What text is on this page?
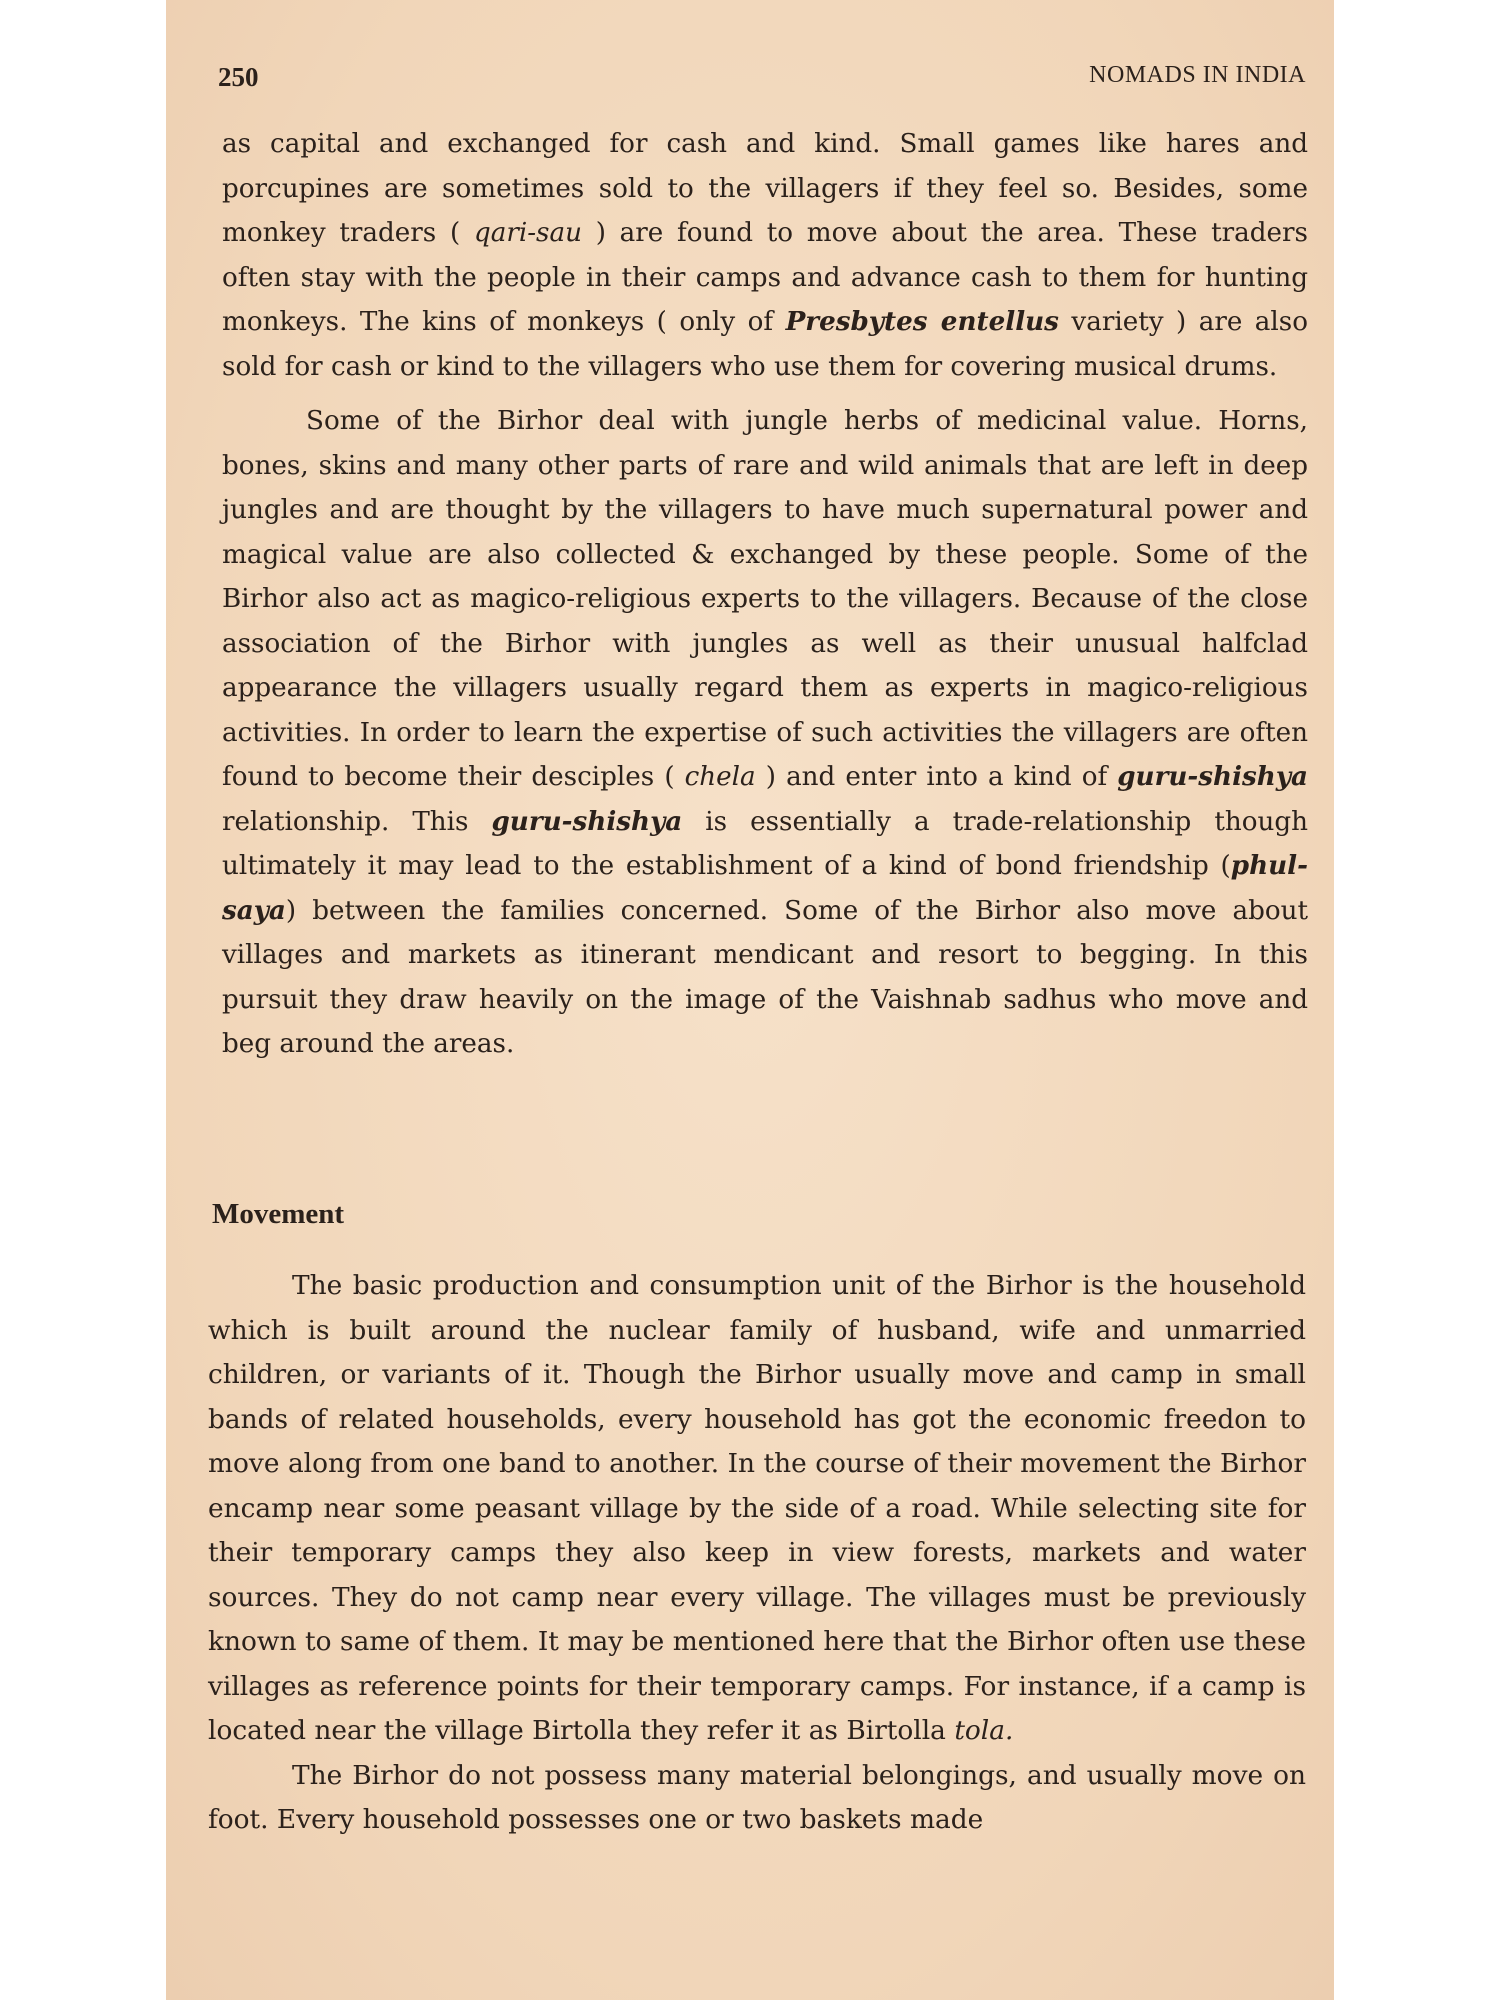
250	NOMADS IN INDIA

as capital and exchanged for cash and kind. Small games like hares and porcupines are sometimes sold to the villagers if they feel so. Besides, some monkey traders ( qari-sau ) are found to move about the area. These traders often stay with the people in their camps and advance cash to them for hunting monkeys. The kins of monkeys ( only of Presbytes entellus variety ) are also sold for cash or kind to the villagers who use them for covering musical drums.

Some of the Birhor deal with jungle herbs of medicinal value. Horns, bones, skins and many other parts of rare and wild animals that are left in deep jungles and are thought by the villagers to have much supernatural power and magical value are also collected & exchanged by these people. Some of the Birhor also act as magico-religious experts to the villagers. Because of the close association of the Birhor with jungles as well as their unusual halfclad appearance the villagers usually regard them as experts in magico-religious activities. In order to learn the expertise of such activities the villagers are often found to become their desciples ( chela ) and enter into a kind of guru-shishya relationship. This guru-shishya is essentially a trade-relationship though ultimately it may lead to the establishment of a kind of bond friendship (phul-saya) between the families concerned. Some of the Birhor also move about villages and markets as itinerant mendicant and resort to begging. In this pursuit they draw heavily on the image of the Vaishnab sadhus who move and beg around the areas.

Movement

The basic production and consumption unit of the Birhor is the household which is built around the nuclear family of husband, wife and unmarried children, or variants of it. Though the Birhor usually move and camp in small bands of related households, every household has got the economic freedon to move along from one band to another. In the course of their movement the Birhor encamp near some peasant village by the side of a road. While selecting site for their temporary camps they also keep in view forests, markets and water sources. They do not camp near every village. The villages must be previously known to same of them. It may be mentioned here that the Birhor often use these villages as reference points for their temporary camps. For instance, if a camp is located near the village Birtolla they refer it as Birtolla tola.

The Birhor do not possess many material belongings, and usually move on foot. Every household possesses one or two baskets made
